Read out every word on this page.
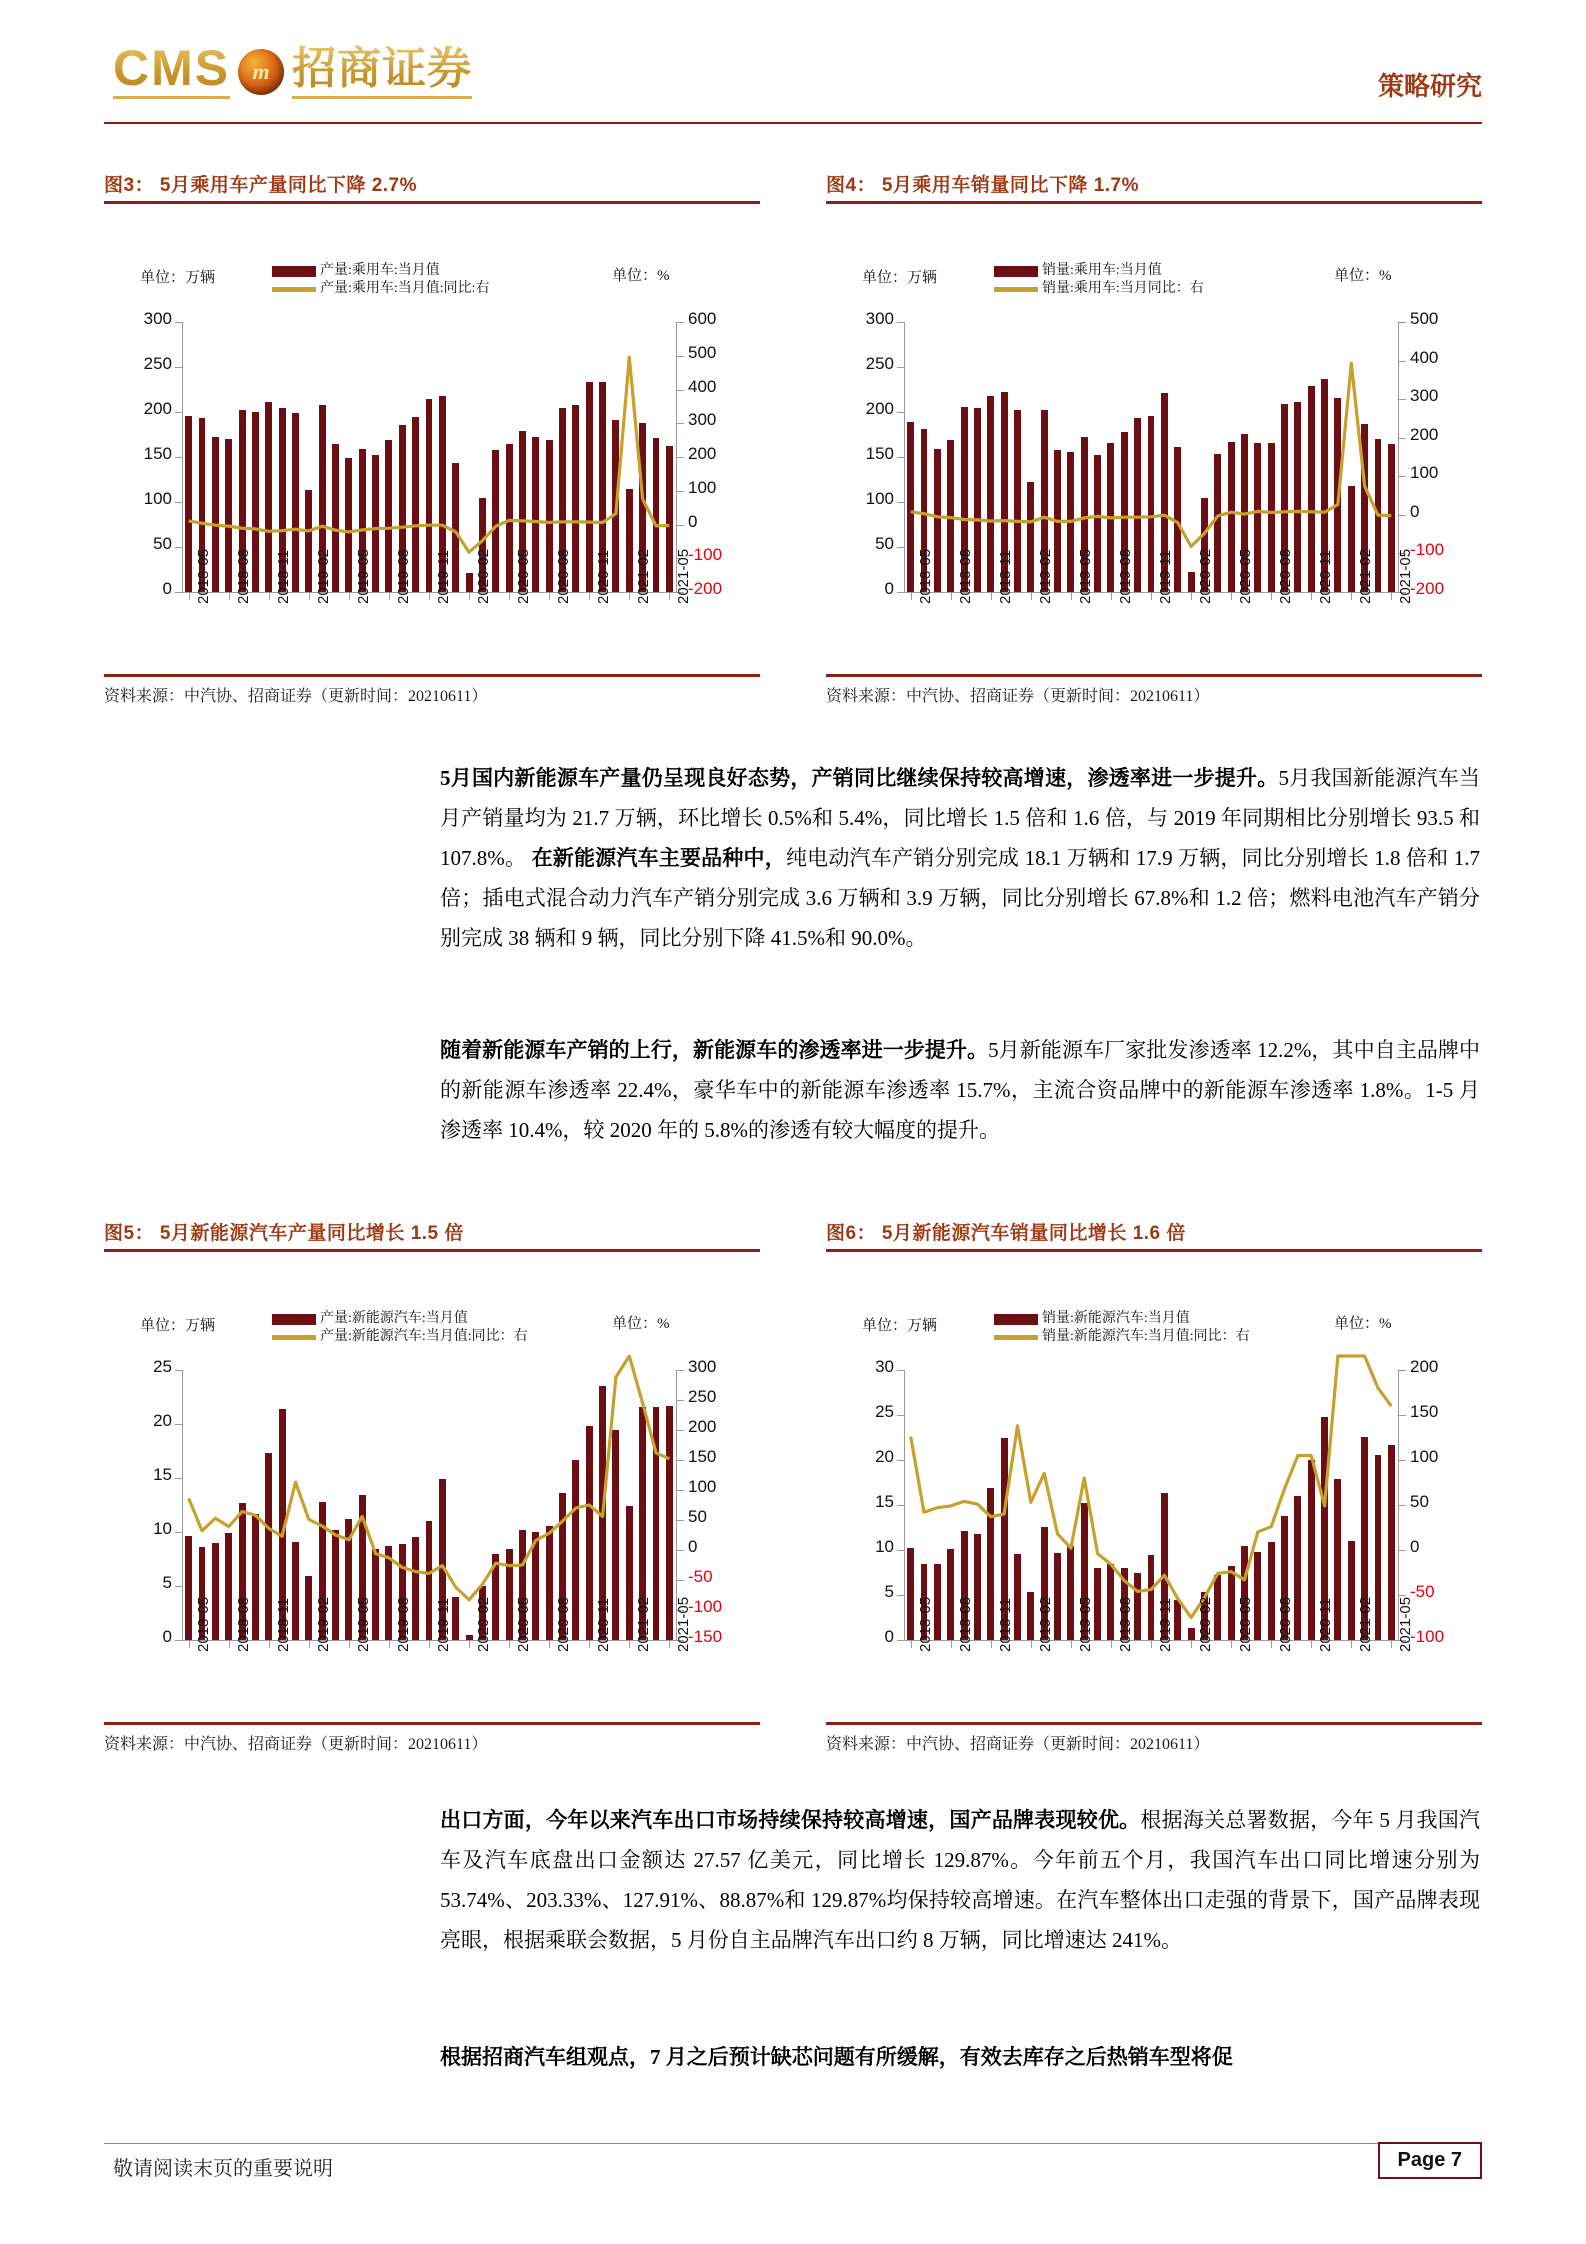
CMS	m 招商证券	策略研究
图3： 5月乘用车产量同比下降 2.7%
单位：万辆	单位：%
产量:乘用车:当月值
产量:乘用车:当月值:同比:右
0
50
100
150
200
250
300
-200
-100
0
100
200
300
400
500
600
2018-05 2018-08 2018-11 2019-02 2019-05 2019-08 2019-11 2020-02 2020-05 2020-08 2020-11 2021-02 2021-05
资料来源：中汽协、招商证券（更新时间：20210611）
图4： 5月乘用车销量同比下降 1.7%
单位：万辆	单位：%
销量:乘用车:当月值
销量:乘用车:当月同比：右
0
50
100
150
200
250
300
-200
-100
0
100
200
300
400
500
2018-05 2018-08 2018-11 2019-02 2019-05 2019-08 2019-11 2020-02 2020-05 2020-08 2020-11 2021-02 2021-05
资料来源：中汽协、招商证券（更新时间：20210611）
5月国内新能源车产量仍呈现良好态势，产销同比继续保持较高增速，渗透率进一步提升。5月我国新能源汽车当月产销量均为 21.7 万辆，环比增长 0.5%和 5.4%，同比增长 1.5 倍和 1.6 倍，与 2019 年同期相比分别增长 93.5 和 107.8%。 在新能源汽车主要品种中，纯电动汽车产销分别完成 18.1 万辆和 17.9 万辆，同比分别增长 1.8 倍和 1.7 倍；插电式混合动力汽车产销分别完成 3.6 万辆和 3.9 万辆，同比分别增长 67.8%和 1.2 倍；燃料电池汽车产销分别完成 38 辆和 9 辆，同比分别下降 41.5%和 90.0%。
随着新能源车产销的上行，新能源车的渗透率进一步提升。5月新能源车厂家批发渗透率 12.2%，其中自主品牌中的新能源车渗透率 22.4%，豪华车中的新能源车渗透率 15.7%，主流合资品牌中的新能源车渗透率 1.8%。1-5 月渗透率 10.4%，较 2020 年的 5.8%的渗透有较大幅度的提升。
图5： 5月新能源汽车产量同比增长 1.5 倍
单位：万辆	单位：%
产量:新能源汽车:当月值
产量:新能源汽车:当月值:同比：右
0
5
10
15
20
25
-150
-100
-50
0
50
100
150
200
250
300
2018-05 2018-08 2018-11 2019-02 2019-05 2019-08 2019-11 2020-02 2020-05 2020-08 2020-11 2021-02 2021-05
资料来源：中汽协、招商证券（更新时间：20210611）
图6： 5月新能源汽车销量同比增长 1.6 倍
单位：万辆	单位：%
销量:新能源汽车:当月值
销量:新能源汽车:当月值:同比：右
0
5
10
15
20
25
30
-100
-50
0
50
100
150
200
2018-05 2018-08 2018-11 2019-02 2019-05 2019-08 2019-11 2020-02 2020-05 2020-08 2020-11 2021-02 2021-05
资料来源：中汽协、招商证券（更新时间：20210611）
出口方面，今年以来汽车出口市场持续保持较高增速，国产品牌表现较优。根据海关总署数据，今年 5 月我国汽车及汽车底盘出口金额达 27.57 亿美元，同比增长 129.87%。今年前五个月，我国汽车出口同比增速分别为 53.74%、203.33%、127.91%、88.87%和 129.87%均保持较高增速。在汽车整体出口走强的背景下，国产品牌表现亮眼，根据乘联会数据，5 月份自主品牌汽车出口约 8 万辆，同比增速达 241%。
根据招商汽车组观点，7 月之后预计缺芯问题有所缓解，有效去库存之后热销车型将促
敬请阅读末页的重要说明	Page 7
